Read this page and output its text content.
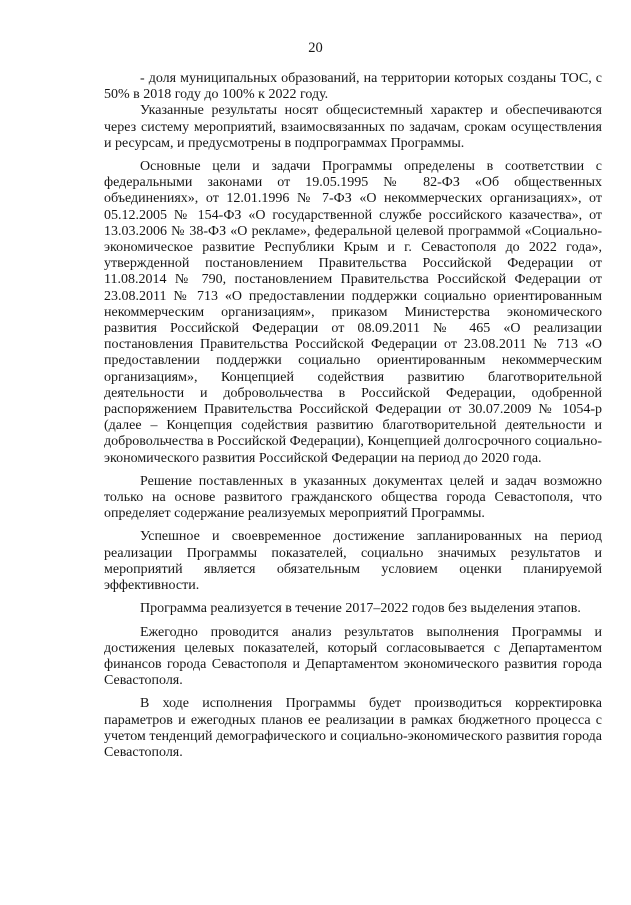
20

- доля муниципальных образований, на территории которых созданы ТОС, с 50% в 2018 году до 100% к 2022 году.

Указанные результаты носят общесистемный характер и обеспечиваются через систему мероприятий, взаимосвязанных по задачам, срокам осуществления и ресурсам, и предусмотрены в подпрограммах Программы.

Основные цели и задачи Программы определены в соответствии с федеральными законами от 19.05.1995 № 82-ФЗ «Об общественных объединениях», от 12.01.1996 № 7-ФЗ «О некоммерческих организациях», от 05.12.2005 № 154-ФЗ «О государственной службе российского казачества», от 13.03.2006 № 38-ФЗ «О рекламе», федеральной целевой программой «Социально-экономическое развитие Республики Крым и г. Севастополя до 2022 года», утвержденной постановлением Правительства Российской Федерации от 11.08.2014 № 790, постановлением Правительства Российской Федерации от 23.08.2011 № 713 «О предоставлении поддержки социально ориентированным некоммерческим организациям», приказом Министерства экономического развития Российской Федерации от 08.09.2011 № 465 «О реализации постановления Правительства Российской Федерации от 23.08.2011 № 713 «О предоставлении поддержки социально ориентированным некоммерческим организациям», Концепцией содействия развитию благотворительной деятельности и добровольчества в Российской Федерации, одобренной распоряжением Правительства Российской Федерации от 30.07.2009 № 1054-р (далее – Концепция содействия развитию благотворительной деятельности и добровольчества в Российской Федерации), Концепцией долгосрочного социально-экономического развития Российской Федерации на период до 2020 года.

Решение поставленных в указанных документах целей и задач возможно только на основе развитого гражданского общества города Севастополя, что определяет содержание реализуемых мероприятий Программы.

Успешное и своевременное достижение запланированных на период реализации Программы показателей, социально значимых результатов и мероприятий является обязательным условием оценки планируемой эффективности.

Программа реализуется в течение 2017–2022 годов без выделения этапов.

Ежегодно проводится анализ результатов выполнения Программы и достижения целевых показателей, который согласовывается с Департаментом финансов города Севастополя и Департаментом экономического развития города Севастополя.

В ходе исполнения Программы будет производиться корректировка параметров и ежегодных планов ее реализации в рамках бюджетного процесса с учетом тенденций демографического и социально-экономического развития города Севастополя.
